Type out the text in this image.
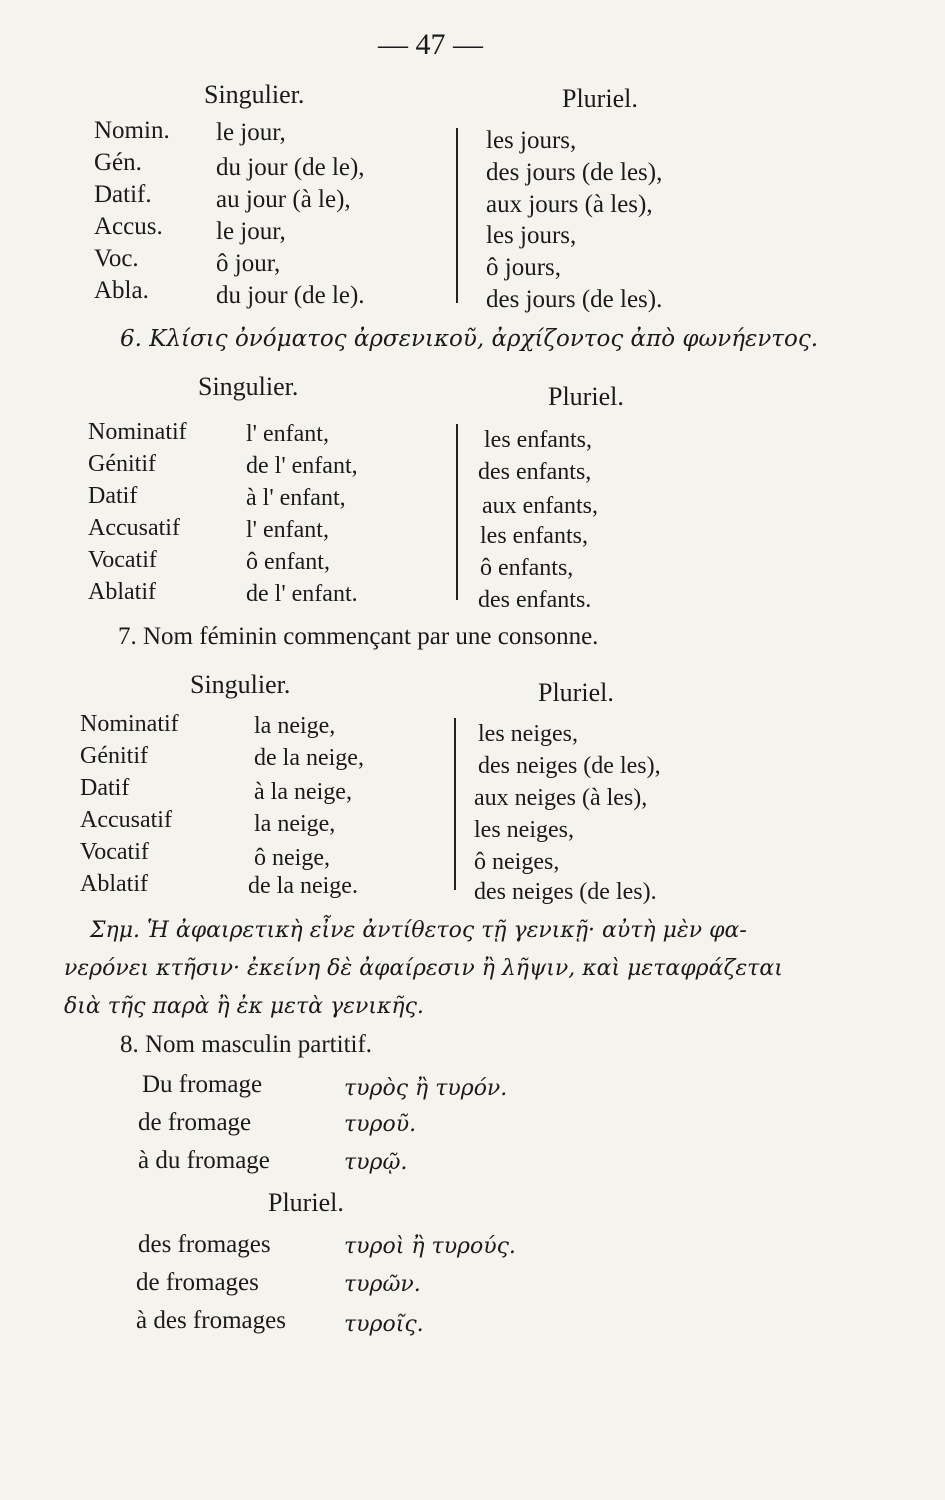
— 47 —
Singulier.	Pluriel.
Nomin. le jour,	les jours,
Gén.	du jour (de le),	des jours (de les),
Datif.	au jour (à le),	aux jours (à les),
Accus. le jour,	les jours,
Voc.	ô jour,	ô jours,
Abla.	du jour (de le).	des jours (de les).
6. Κλίσις ὀνόματος ἀρσενικοῦ, ἀρχίζοντος ἀπὸ φωνήεντος.
Singulier.	Pluriel.
Nominatif l' enfant,	les enfants,
Génitif	de l' enfant,	des enfants,
Datif	à l' enfant,	aux enfants,
Accusatif	l' enfant,	les enfants,
Vocatif	ô enfant,	ô enfants,
Ablatif	de l' enfant.	des enfants.
7. Nom féminin commençant par une consonne.
Singulier.	Pluriel.
Nominatif	la neige,	les neiges,
Génitif	de la neige,	des neiges (de les),
Datif	à la neige,	aux neiges (à les),
Accusatif	la neige,	les neiges,
Vocatif	ô neige,	ô neiges,
Ablatif	de la neige.	des neiges (de les).
Σημ. Ἡ ἀφαιρετικὴ εἶνε ἀντίθετος τῇ γενικῇ· αὐτὴ μὲν φα-
νερόνει κτῆσιν· ἐκείνη δὲ ἀφαίρεσιν ἢ λῆψιν, καὶ μεταφράζεται
διὰ τῆς παρὰ ἢ ἐκ μετὰ γενικῆς.
8. Nom masculin partitif.
Du fromage	τυρὸς ἢ τυρόν.
de fromage	τυροῦ.
à du fromage	τυρῷ.
Pluriel.
des fromages	τυροὶ ἢ τυρούς.
de fromages	τυρῶν.
à des fromages	τυροῖς.
